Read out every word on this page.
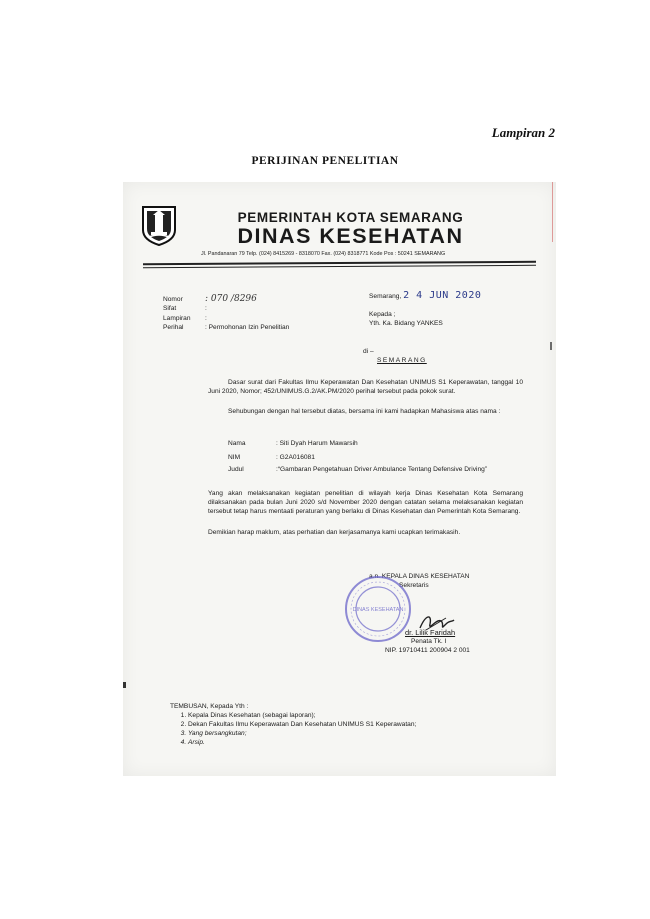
Lampiran 2
PERIJINAN PENELITIAN
PEMERINTAH KOTA SEMARANG
DINAS KESEHATAN
Jl. Pandanaran 79 Telp. (024) 8415269 - 8318070 Fax. (024) 8318771 Kode Pos : 50241 SEMARANG
Nomor	: 070 /8296
Sifat	:
Lampiran	:
Perihal	: Permohonan Izin Penelitian
Semarang, 2 4 JUN 2020
Kepada ;
Yth. Ka. Bidang YANKES
di –
SEMARANG
Dasar surat dari Fakultas Ilmu Keperawatan Dan Kesehatan UNIMUS S1 Keperawatan, tanggal 10 Juni 2020, Nomor; 452/UNIMUS.G.2/AK.PM/2020 perihal tersebut pada pokok surat.
Sehubungan dengan hal tersebut diatas, bersama ini kami hadapkan Mahasiswa atas nama :
Nama	: Siti Dyah Harum Mawarsih
NIM	: G2A016081
Judul	:“Gambaran Pengetahuan Driver Ambulance Tentang Defensive Driving”
Yang akan melaksanakan kegiatan penelitian di wilayah kerja Dinas Kesehatan Kota Semarang dilaksanakan pada bulan Juni 2020 s/d November 2020 dengan catatan selama melaksanakan kegiatan tersebut tetap harus mentaati peraturan yang berlaku di Dinas Kesehatan dan Pemerintah Kota Semarang.
Demikian harap maklum, atas perhatian dan kerjasamanya kami ucapkan terimakasih.
a.n. KEPALA DINAS KESEHATAN
Sekretaris
DINAS KESEHATAN
dr. Lilik Faridah
Penata Tk. I
NIP. 19710411 200904 2 001
TEMBUSAN, Kepada Yth :
1. Kepala Dinas Kesehatan (sebagai laporan);
2. Dekan Fakultas Ilmu Keperawatan Dan Kesehatan UNIMUS S1 Keperawatan;
3. Yang bersangkutan;
4. Arsip.
